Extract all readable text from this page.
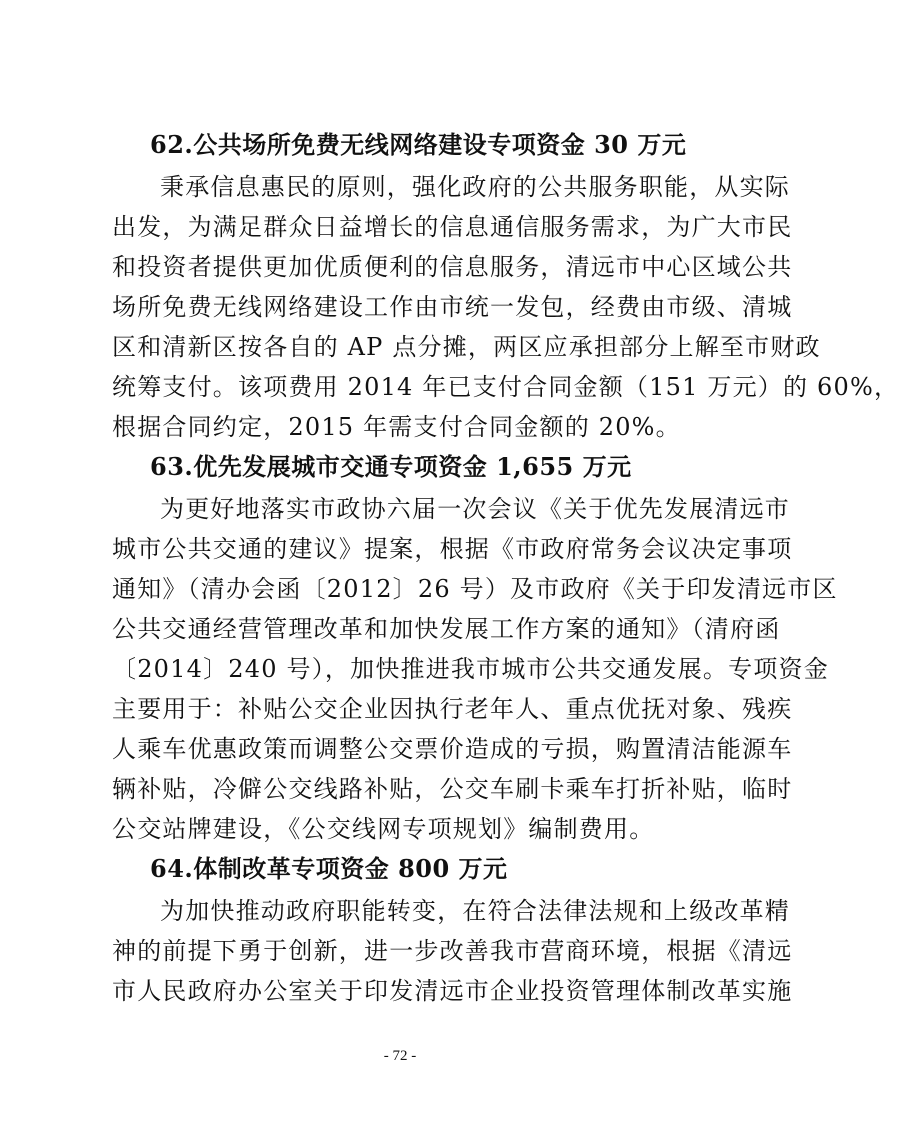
62.公共场所免费无线网络建设专项资金 30 万元
秉承信息惠民的原则，强化政府的公共服务职能，从实际
出发，为满足群众日益增长的信息通信服务需求，为广大市民
和投资者提供更加优质便利的信息服务，清远市中心区域公共
场所免费无线网络建设工作由市统一发包，经费由市级、清城
区和清新区按各自的 AP 点分摊，两区应承担部分上解至市财政
统筹支付。该项费用 2014 年已支付合同金额（151 万元）的 60%，
根据合同约定，2015 年需支付合同金额的 20%。
63.优先发展城市交通专项资金 1,655 万元
为更好地落实市政协六届一次会议《关于优先发展清远市
城市公共交通的建议》提案，根据《市政府常务会议决定事项
通知》（清办会函〔2012〕26 号）及市政府《关于印发清远市区
公共交通经营管理改革和加快发展工作方案的通知》（清府函
〔2014〕240 号），加快推进我市城市公共交通发展。专项资金
主要用于：补贴公交企业因执行老年人、重点优抚对象、残疾
人乘车优惠政策而调整公交票价造成的亏损，购置清洁能源车
辆补贴，冷僻公交线路补贴，公交车刷卡乘车打折补贴，临时
公交站牌建设，《公交线网专项规划》编制费用。
64.体制改革专项资金 800 万元
为加快推动政府职能转变，在符合法律法规和上级改革精
神的前提下勇于创新，进一步改善我市营商环境，根据《清远
市人民政府办公室关于印发清远市企业投资管理体制改革实施
- 72 -
